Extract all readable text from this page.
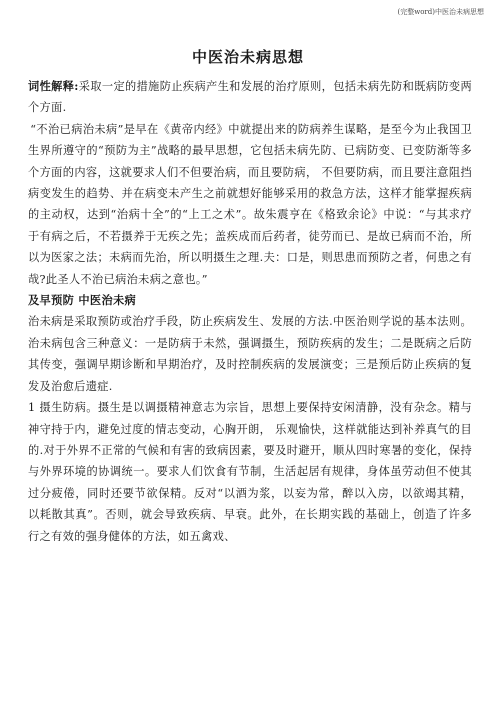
(完整word)中医治未病思想
中医治未病思想

词性解释:采取一定的措施防止疾病产生和发展的治疗原则，包括未病先防和既病防变两个方面.

“不治已病治未病”是早在《黄帝内经》中就提出来的防病养生谋略，是至今为止我国卫生界所遵守的“预防为主”战略的最早思想，它包括未病先防、已病防变、已变防渐等多个方面的内容，这就要求人们不但要治病，而且要防病， 不但要防病，而且要注意阻挡病变发生的趋势、并在病变未产生之前就想好能够采用的救急方法，这样才能掌握疾病的主动权，达到“治病十全”的“上工之术”。故朱震亨在《格致余论》中说：“与其求疗于有病之后，不若摄养于无疾之先；盖疾成而后药者，徒劳而已、是故已病而不治，所以为医家之法；未病而先治，所以明摄生之理.夫：口是，则思患而预防之者，何患之有哉?此圣人不治已病治未病之意也。”

及早预防 中医治未病

治未病是采取预防或治疗手段，防止疾病发生、发展的方法.中医治则学说的基本法则。治未病包含三种意义：一是防病于未然，强调摄生，预防疾病的发生；二是既病之后防其传变，强调早期诊断和早期治疗，及时控制疾病的发展演变；三是预后防止疾病的复发及治愈后遗症.

1 摄生防病。摄生是以调摄精神意志为宗旨，思想上要保持安闲清静，没有杂念。精与神守持于内，避免过度的情志变动，心胸开朗， 乐观愉快，这样就能达到补养真气的目的.对于外界不正常的气候和有害的致病因素，要及时避开，顺从四时寒暑的变化，保持与外界环境的协调统一。要求人们饮食有节制，生活起居有规律，身体虽劳动但不使其过分疲倦，同时还要节欲保精。反对“以酒为浆，以妄为常，醉以入房，以欲竭其精，以耗散其真”。否则，就会导致疾病、早衰。此外，在长期实践的基础上，创造了许多行之有效的强身健体的方法，如五禽戏、
